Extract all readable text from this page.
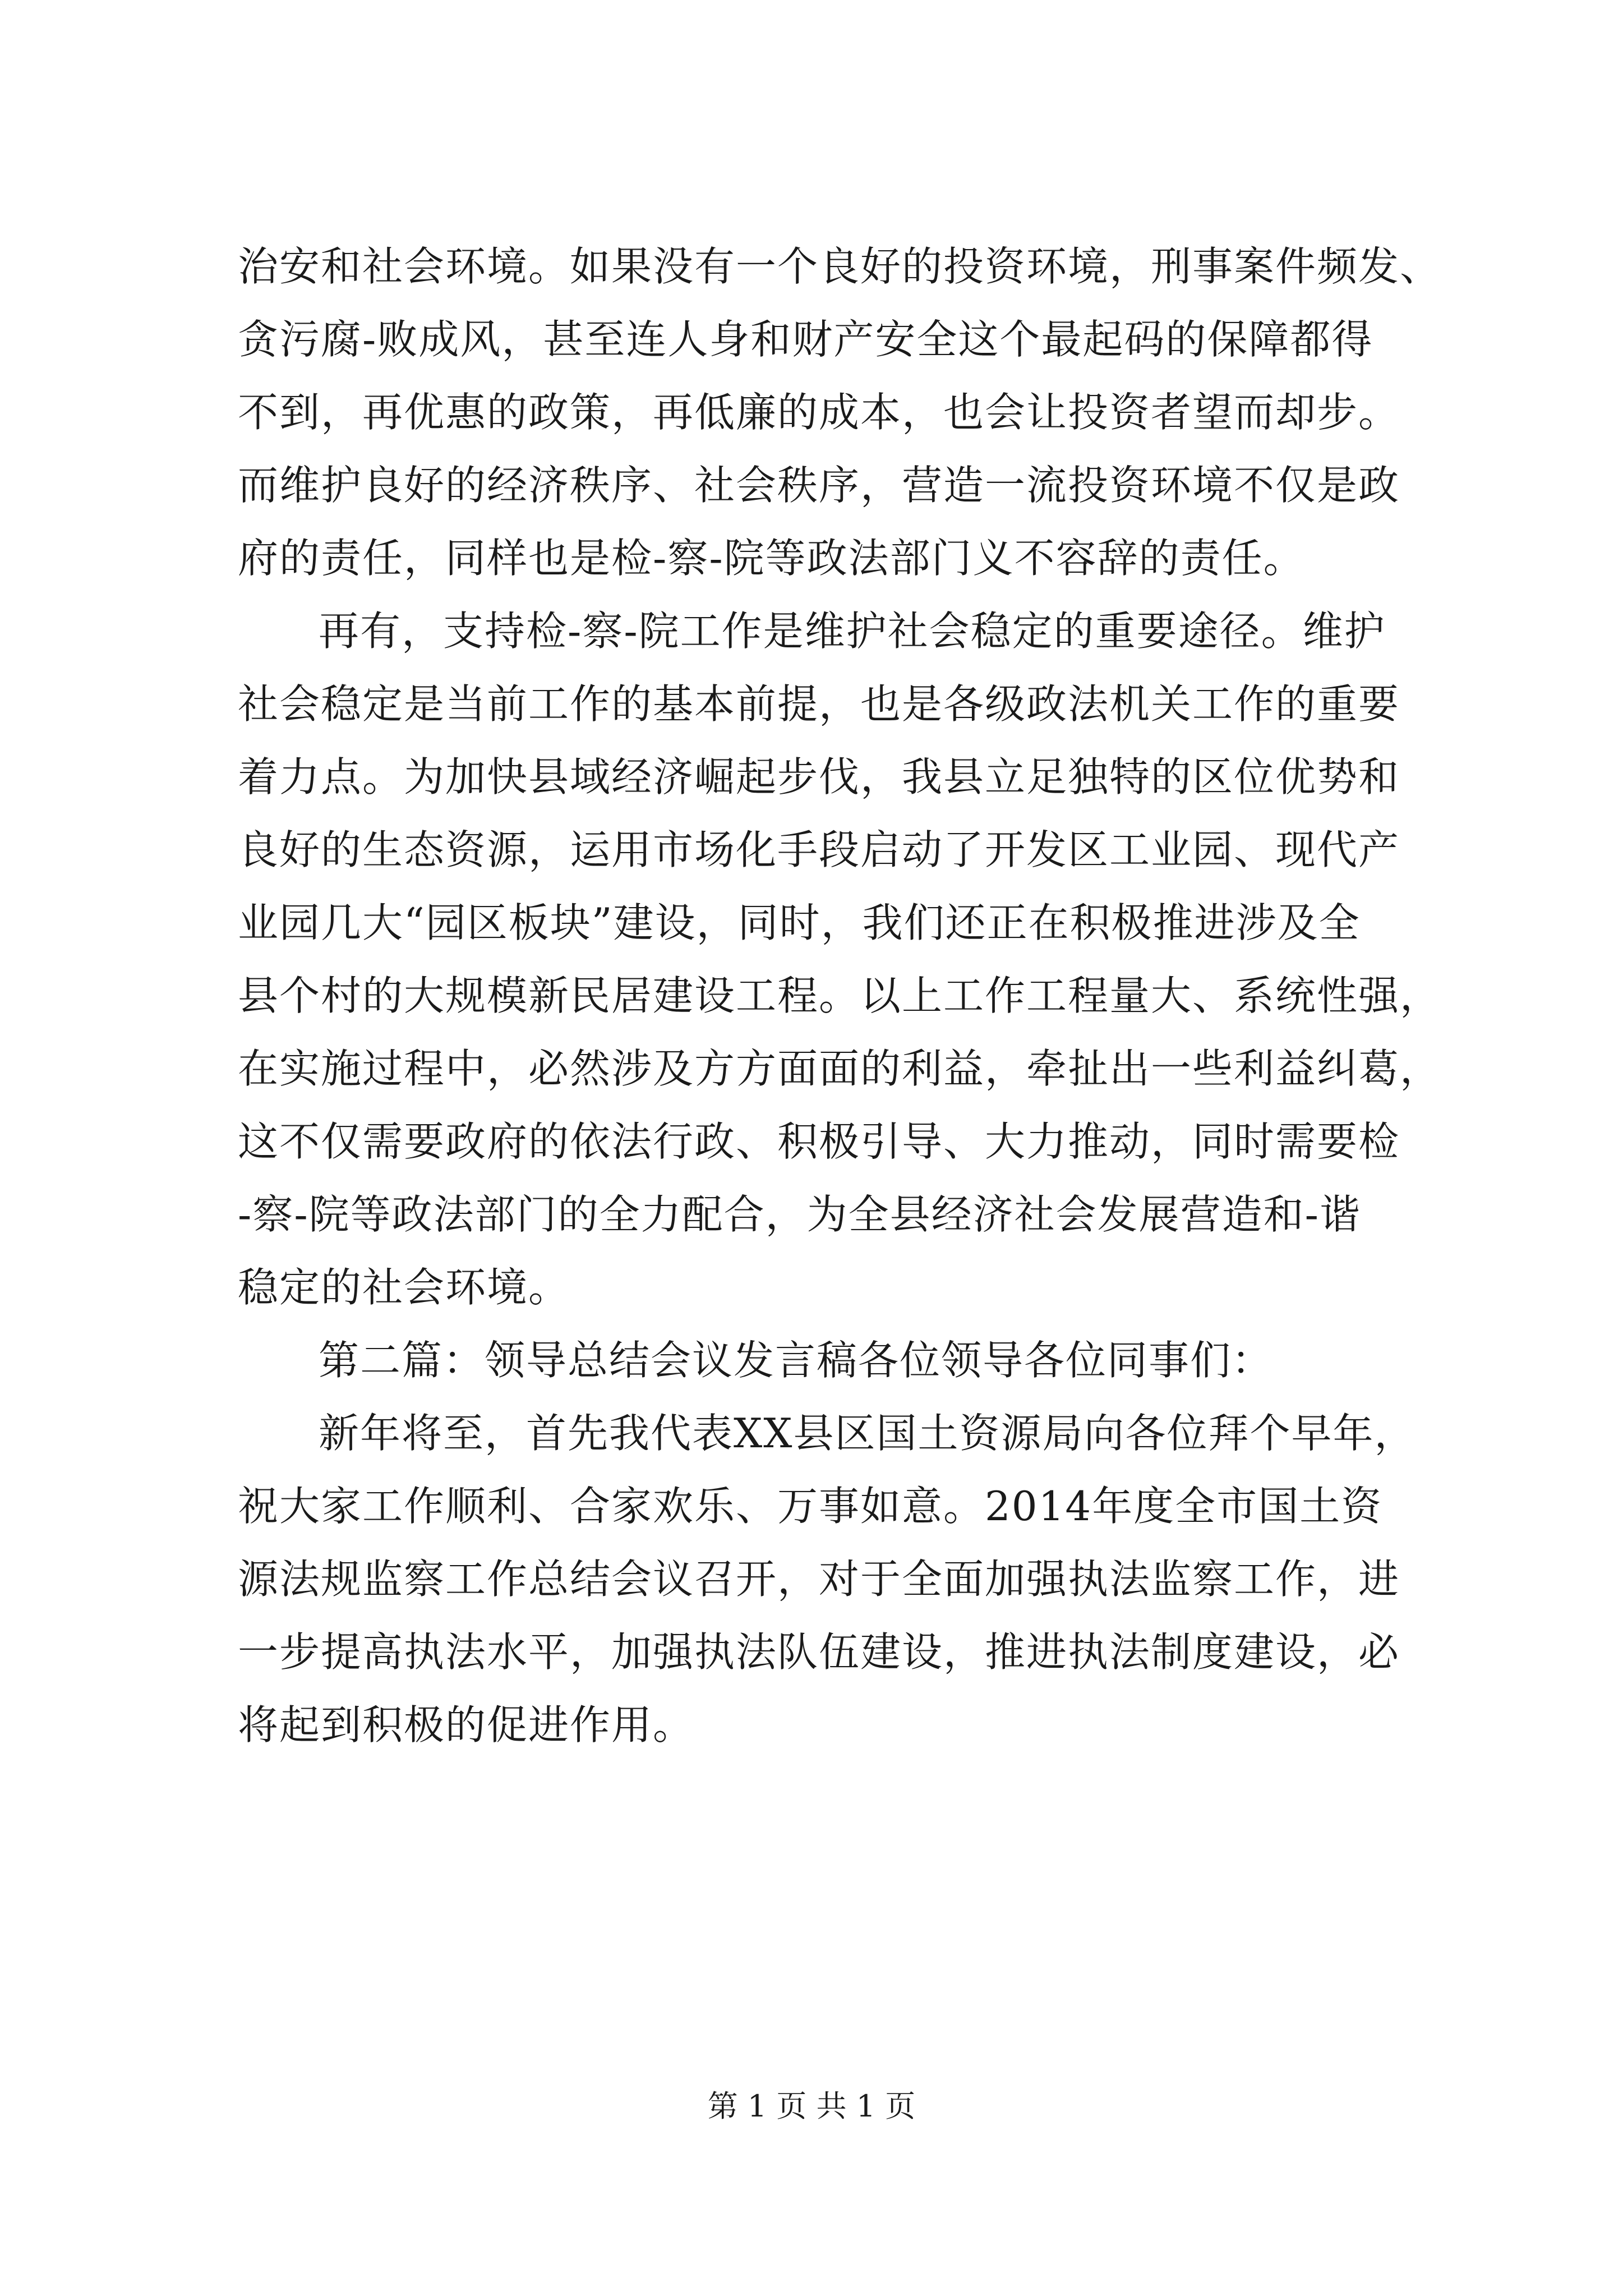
治安和社会环境。如果没有一个良好的投资环境，刑事案件频发、
贪污腐-败成风，甚至连人身和财产安全这个最起码的保障都得
不到，再优惠的政策，再低廉的成本，也会让投资者望而却步。
而维护良好的经济秩序、社会秩序，营造一流投资环境不仅是政
府的责任，同样也是检-察-院等政法部门义不容辞的责任。
再有，支持检-察-院工作是维护社会稳定的重要途径。维护
社会稳定是当前工作的基本前提，也是各级政法机关工作的重要
着力点。为加快县域经济崛起步伐，我县立足独特的区位优势和
良好的生态资源，运用市场化手段启动了开发区工业园、现代产
业园几大“园区板块”建设，同时，我们还正在积极推进涉及全
县个村的大规模新民居建设工程。以上工作工程量大、系统性强，
在实施过程中，必然涉及方方面面的利益，牵扯出一些利益纠葛，
这不仅需要政府的依法行政、积极引导、大力推动，同时需要检
-察-院等政法部门的全力配合，为全县经济社会发展营造和-谐
稳定的社会环境。
第二篇：领导总结会议发言稿各位领导各位同事们：
新年将至，首先我代表XX县区国土资源局向各位拜个早年，
祝大家工作顺利、合家欢乐、万事如意。2014年度全市国土资
源法规监察工作总结会议召开，对于全面加强执法监察工作，进
一步提高执法水平，加强执法队伍建设，推进执法制度建设，必
将起到积极的促进作用。
第 1 页 共 1 页
